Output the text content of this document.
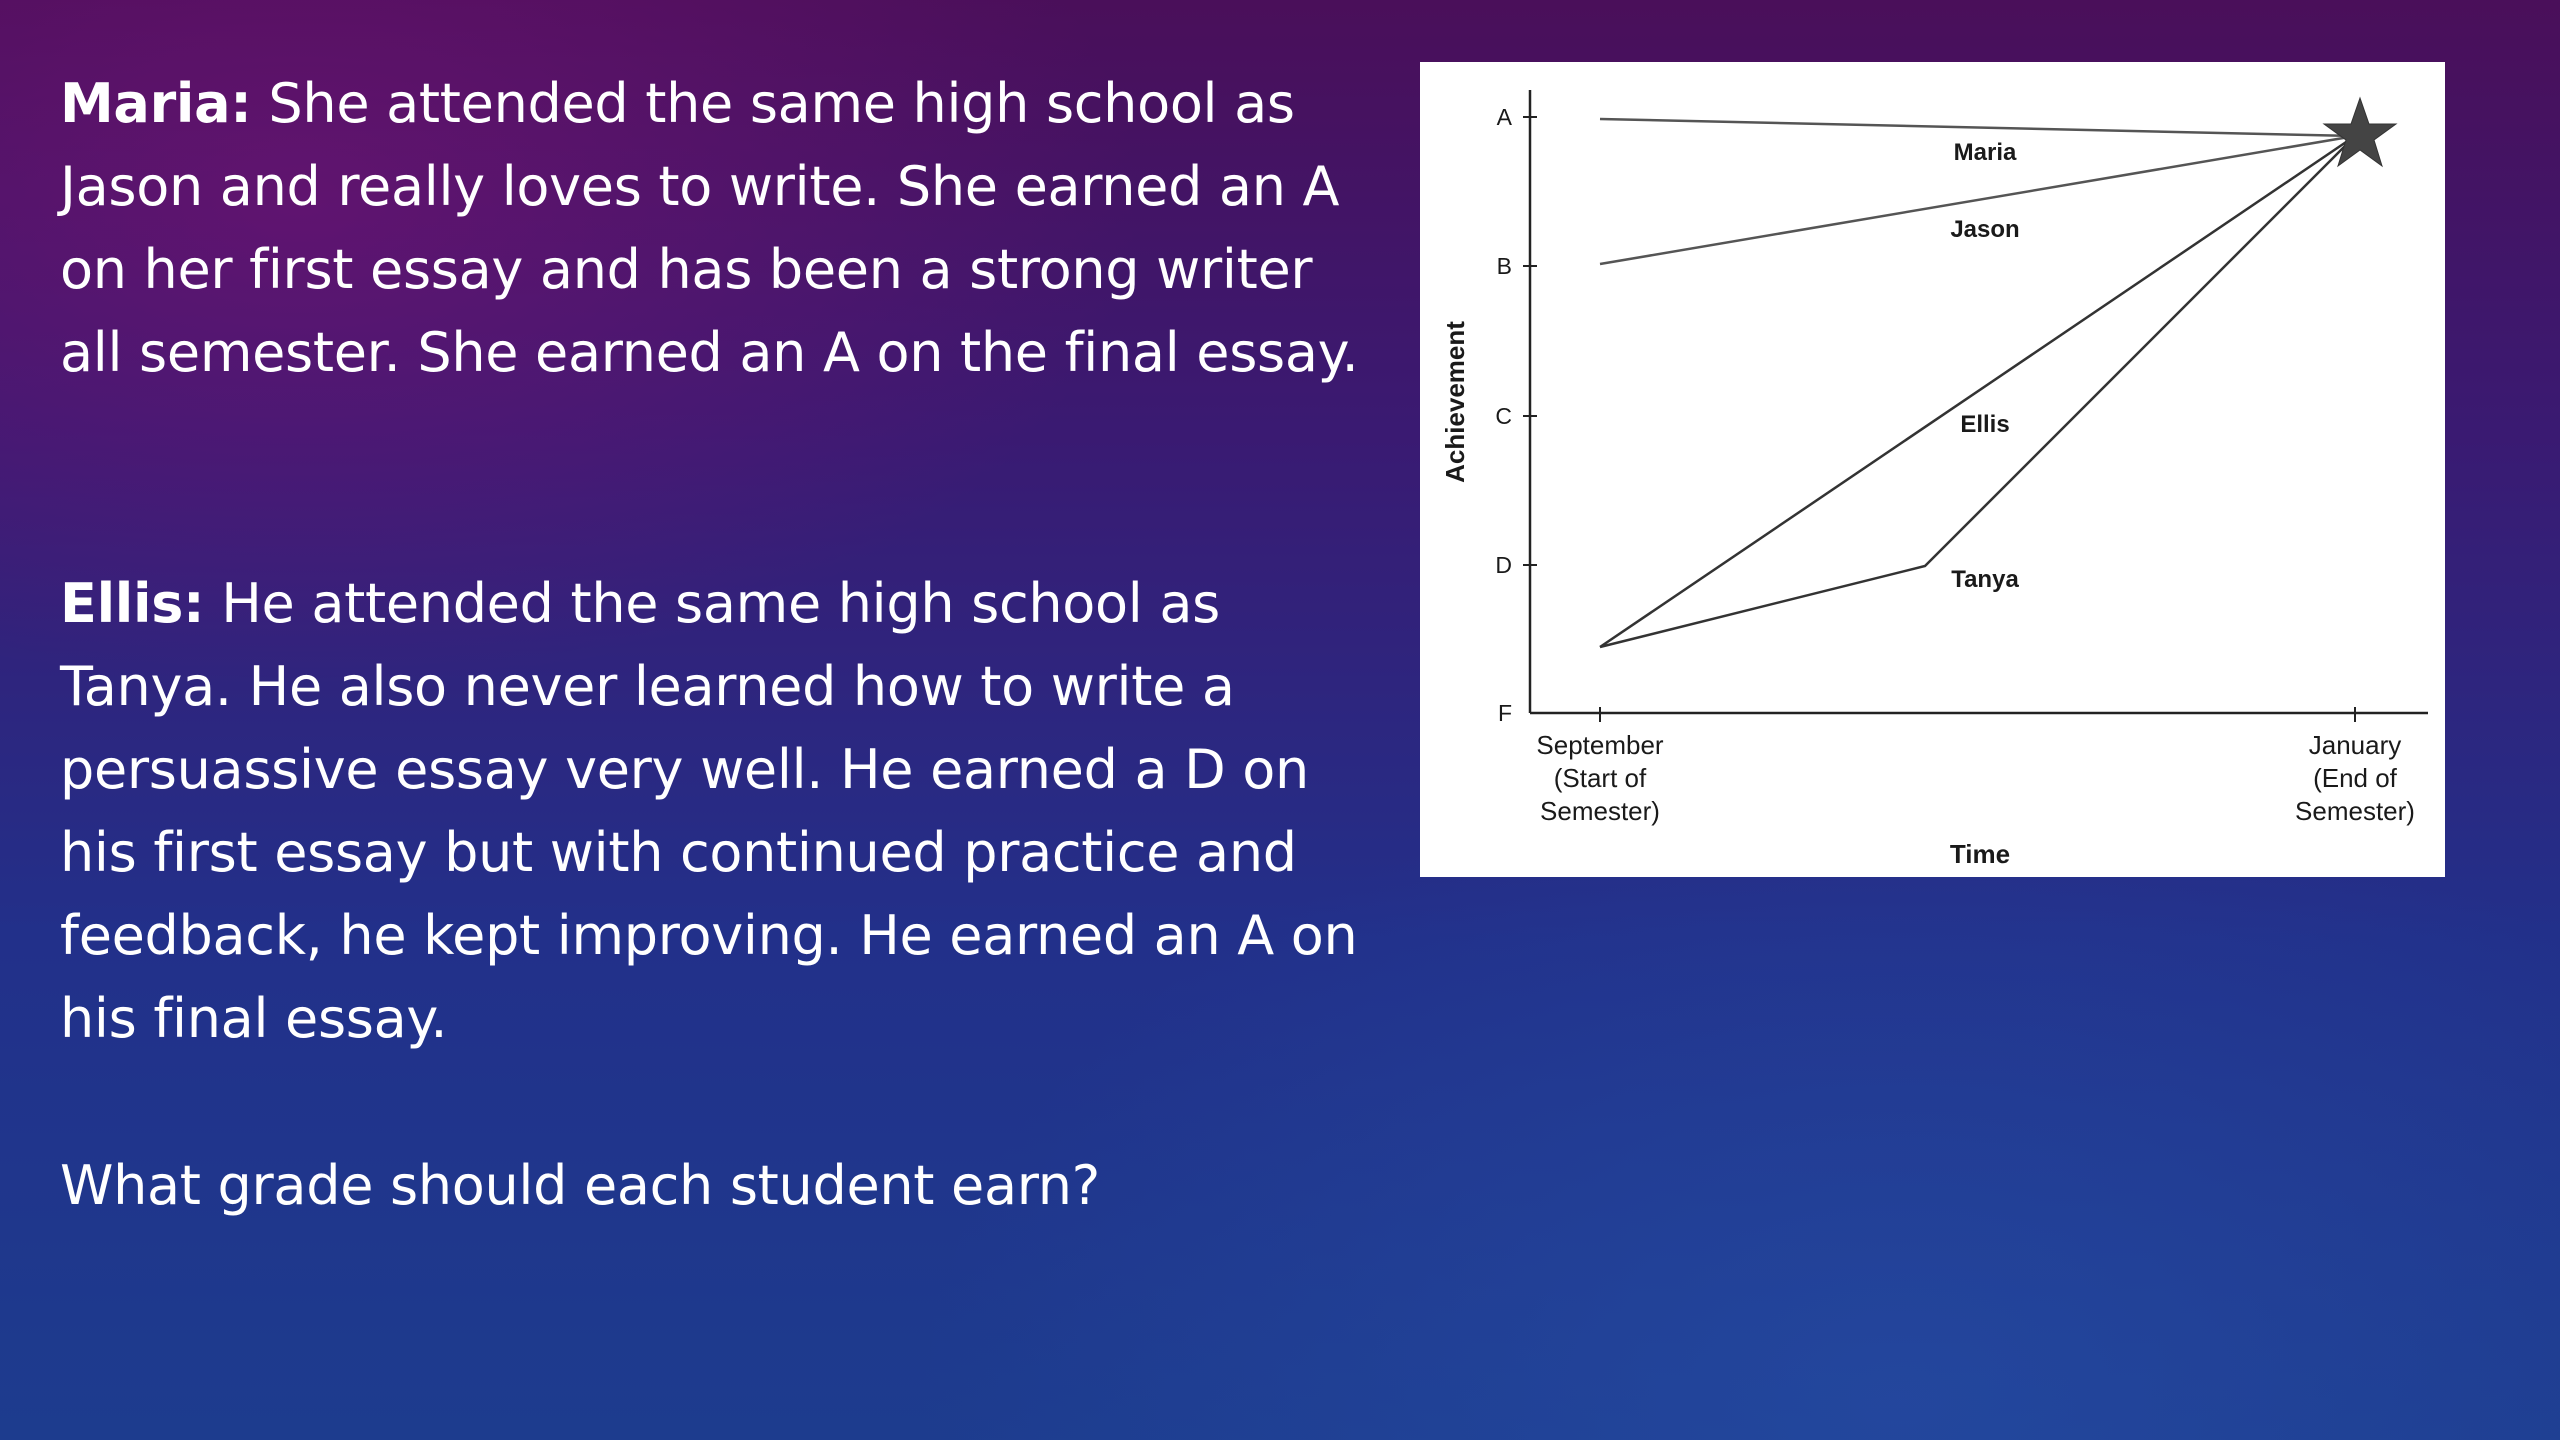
Maria: She attended the same high school as Jason and really loves to write. She earned an A on her first essay and has been a strong writer all semester. She earned an A on the final essay.
Ellis: He attended the same high school as Tanya. He also never learned how to write a persuassive essay very well. He earned a D on his first essay but with continued practice and feedback, he kept improving. He earned an A on his final essay.
What grade should each student earn?
A
B
C
D
F
September
(Start of
Semester)
January
(End of
Semester)
Time
Achievement
Maria
Jason
Ellis
Tanya
